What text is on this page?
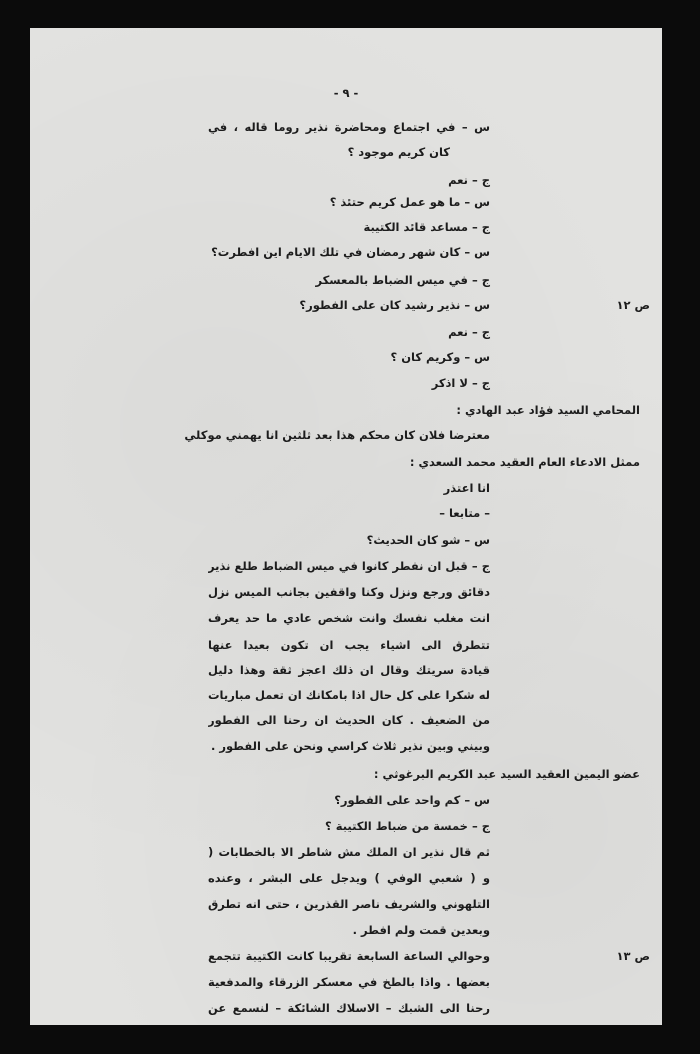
- ٩ -
س – في اجتماع ومحاضرة نذير روما قاله ، في
كان كريم موجود ؟
ج – نعم
س – ما هو عمل كريم حتئذ ؟
ج – مساعد قائد الكتيبة
س – كان شهر رمضان في تلك الايام اين افطرت؟
ج – في ميس الضباط بالمعسكر
س – نذير رشيد كان على الفطور؟	ص ١٢
ج – نعم
س – وكريم كان ؟
ج – لا اذكر
المحامي السيد فؤاد عبد الهادي :
معترضا فلان كان محكم هذا بعد ثلثين انا يهمني موكلي
ممثل الادعاء العام العقيد محمد السعدي :
انا اعتذر
– متابعا –
س – شو كان الحديث؟
ج – قبل ان نفطر كانوا في ميس الضباط طلع نذير
دقائق ورجع ونزل وكنا واقفين بجانب الميس نزل
انت مغلب نفسك وانت شخص عادي ما حد يعرف
تتطرق الى اشياء يجب ان تكون بعيدا عنها
قيادة سريتك وقال ان ذلك اعجز ثقة وهذا دليل
له شكرا على كل حال اذا بامكانك ان تعمل مباريات
من الضعيف . كان الحديث ان رحنا الى الفطور
وبيني وبين نذير ثلاث كراسي ونحن على الفطور .
عضو اليمين العقيد السيد عبد الكريم البرغوثي :
س – كم واحد على الفطور؟
ج – خمسة من ضباط الكتيبة ؟
ثم قال نذير ان الملك مش شاطر الا بالخطابات (
و ( شعبي الوفي ) ويدجل على البشر ، وعنده
التلهوني والشريف ناصر القذرين ، حتى انه تطرق
وبعدين قمت ولم افطر .
وحوالي الساعة السابعة تقريبا كانت الكتيبة تتجمع	ص ١٣
بعضها . واذا بالطخ في معسكر الزرقاء والمدفعية
رحنا الى الشبك – الاسلاك الشائكة – لنسمع عن
